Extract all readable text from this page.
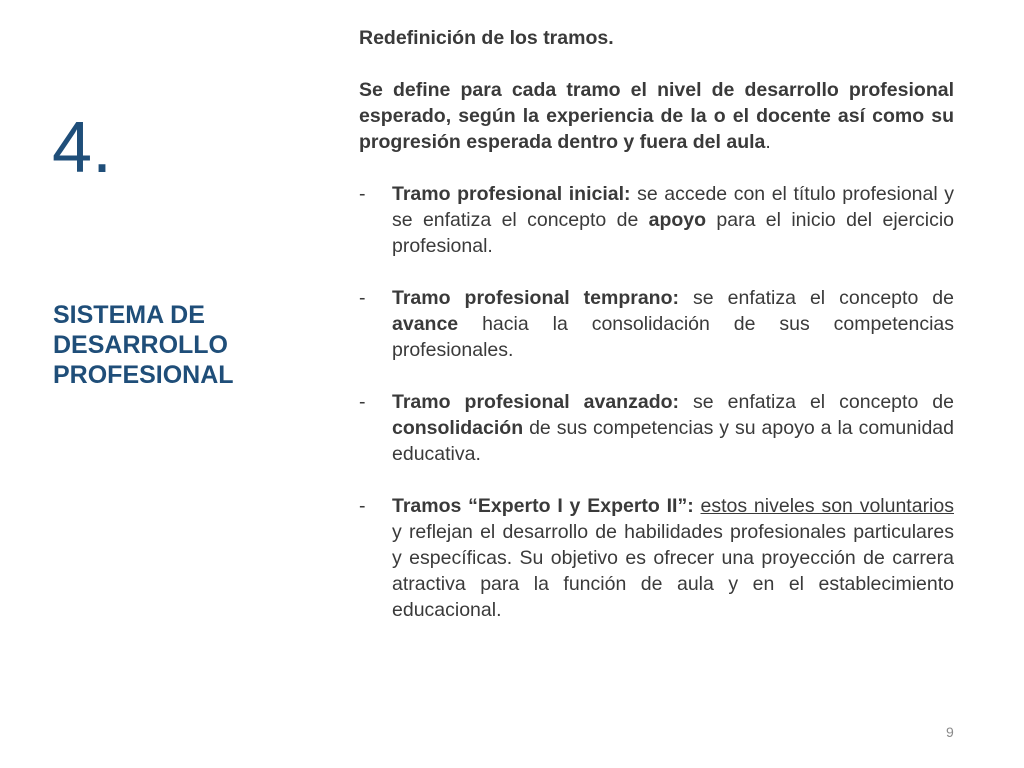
4.
SISTEMA DE
DESARROLLO
PROFESIONAL

Redefinición de los tramos.

Se define para cada tramo el nivel de desarrollo profesional esperado, según la experiencia de la o el docente así como su progresión esperada dentro y fuera del aula.

-	Tramo profesional inicial: se accede con el título profesional y se enfatiza el concepto de apoyo para el inicio del ejercicio profesional.
-	Tramo profesional temprano: se enfatiza el concepto de avance hacia la consolidación de sus competencias profesionales.
-	Tramo profesional avanzado: se enfatiza el concepto de consolidación de sus competencias y su apoyo a la comunidad educativa.
-	Tramos “Experto I y Experto II”: estos niveles son voluntarios y reflejan el desarrollo de habilidades profesionales particulares y específicas. Su objetivo es ofrecer una proyección de carrera atractiva para la función de aula y en el establecimiento educacional.
9
